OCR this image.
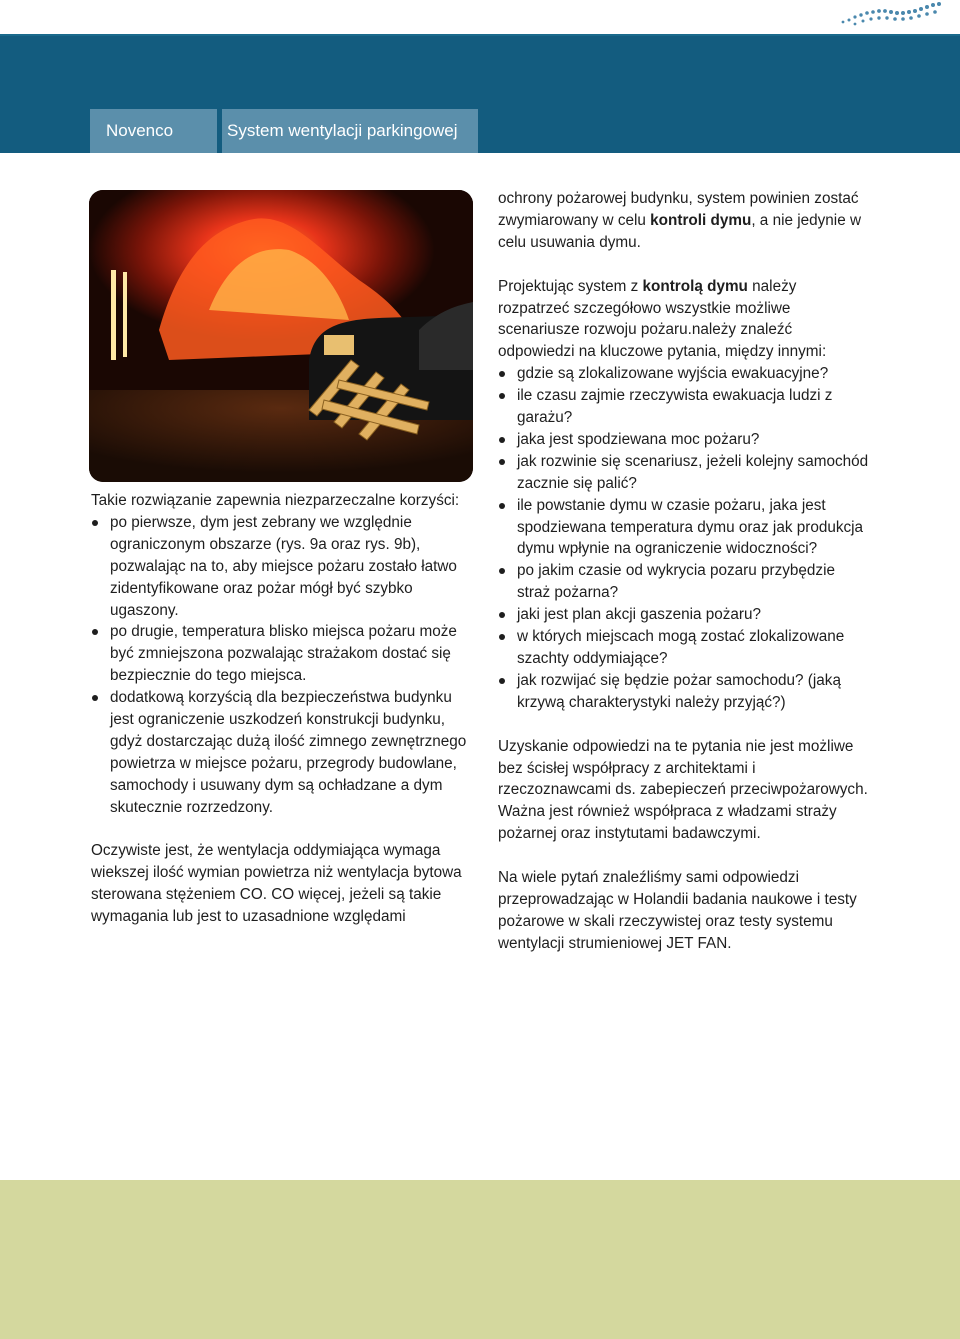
Novenco	System wentylacji parkingowej

Takie rozwiązanie zapewnia niezparzeczalne korzyści:

po pierwsze, dym jest zebrany we względnie ograniczonym obszarze (rys. 9a oraz rys. 9b), pozwalając na to, aby miejsce pożaru zostało łatwo zidentyfikowane oraz pożar mógł być szybko ugaszony.
po drugie, temperatura blisko miejsca pożaru może być zmniejszona pozwalając strażakom dostać się bezpiecznie do tego miejsca.
dodatkową korzyścią dla bezpieczeństwa budynku jest ograniczenie uszkodzeń konstrukcji budynku, gdyż dostarczając dużą ilość zimnego zewnętrznego powietrza w miejsce pożaru, przegrody budowlane, samochody i usuwany dym są ochładzane a dym skutecznie rozrzedzony.

Oczywiste jest, że wentylacja oddymiająca wymaga wiekszej ilość wymian powietrza niż wentylacja bytowa sterowana stężeniem CO. CO więcej, jeżeli są takie wymagania lub jest to uzasadnione względami

ochrony pożarowej budynku, system powinien zostać zwymiarowany w celu kontroli dymu, a nie jedynie w celu usuwania dymu.

Projektując system z kontrolą dymu należy rozpatrzeć szczegółowo wszystkie możliwe scenariusze rozwoju pożaru.należy znaleźć odpowiedzi na kluczowe pytania, między innymi:

gdzie są zlokalizowane wyjścia ewakuacyjne?
ile czasu zajmie rzeczywista ewakuacja ludzi z garażu?
jaka jest spodziewana moc pożaru?
jak rozwinie się scenariusz, jeżeli kolejny samochód zacznie się palić?
ile powstanie dymu w czasie pożaru, jaka jest spodziewana temperatura dymu oraz jak produkcja dymu wpłynie na ograniczenie widoczności?
po jakim czasie od wykrycia pozaru przybędzie straż pożarna?
jaki jest plan akcji gaszenia pożaru?
w których miejscach mogą zostać zlokalizowane szachty oddymiające?
jak rozwijać się będzie pożar samochodu? (jaką krzywą charakterystyki należy przyjąć?)

Uzyskanie odpowiedzi na te pytania nie jest możliwe bez ścisłej współpracy z architektami i rzeczoznawcami ds. zabepieczeń przeciwpożarowych. Ważna jest również współpraca z władzami straży pożarnej oraz instytutami badawczymi.

Na wiele pytań znaleźliśmy sami odpowiedzi przeprowadzając w Holandii badania naukowe i testy pożarowe w skali rzeczywistej oraz testy systemu wentylacji strumieniowej JET FAN.
